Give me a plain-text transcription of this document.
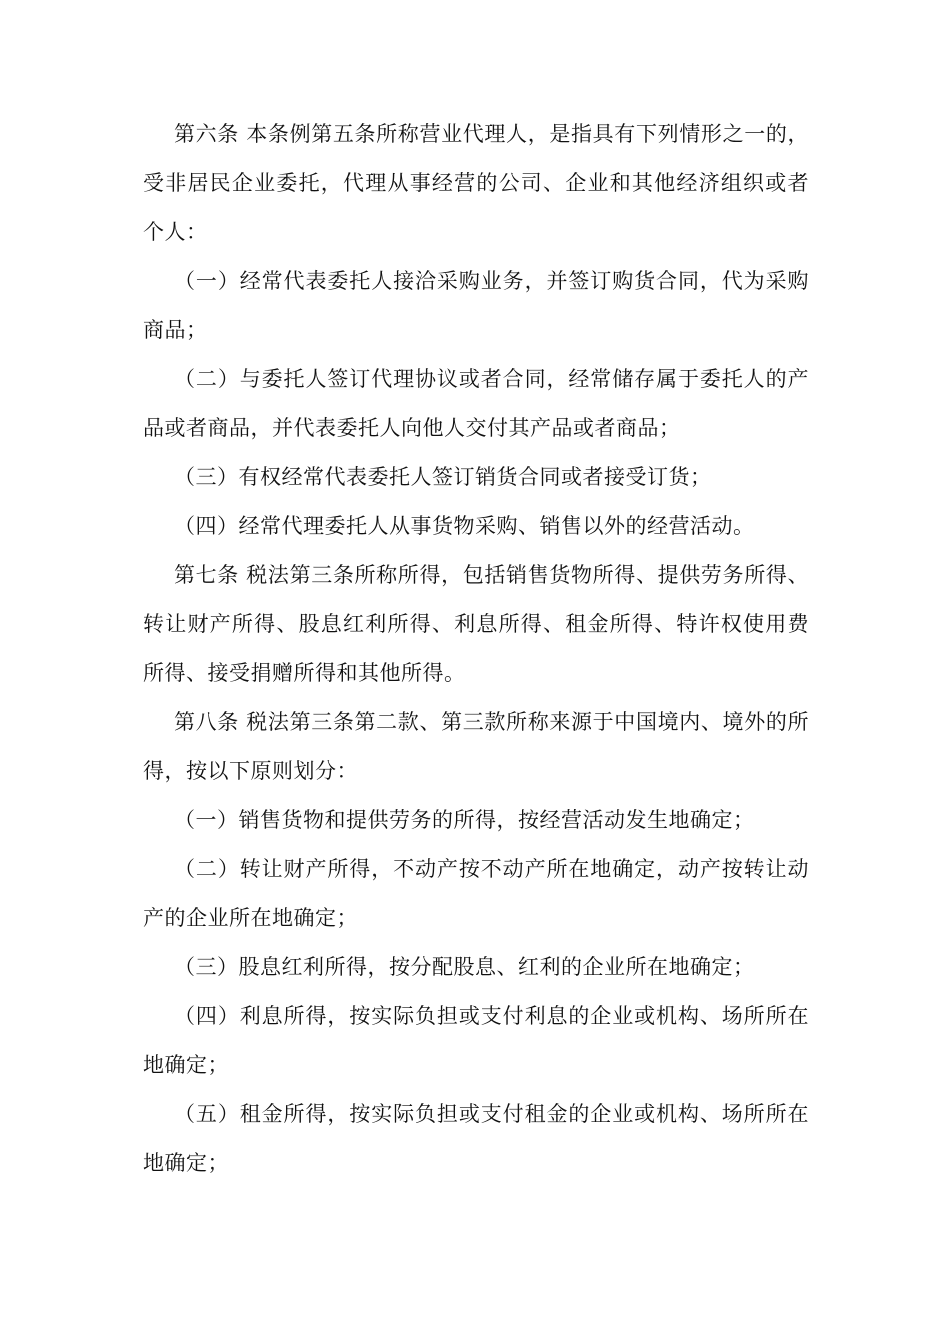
第六条 本条例第五条所称营业代理人，是指具有下列情形之一的，受非居民企业委托，代理从事经营的公司、企业和其他经济组织或者个人：

（一）经常代表委托人接洽采购业务，并签订购货合同，代为采购商品；

（二）与委托人签订代理协议或者合同，经常储存属于委托人的产品或者商品，并代表委托人向他人交付其产品或者商品；

（三）有权经常代表委托人签订销货合同或者接受订货；

（四）经常代理委托人从事货物采购、销售以外的经营活动。

第七条 税法第三条所称所得，包括销售货物所得、提供劳务所得、转让财产所得、股息红利所得、利息所得、租金所得、特许权使用费所得、接受捐赠所得和其他所得。

第八条 税法第三条第二款、第三款所称来源于中国境内、境外的所得，按以下原则划分：

（一）销售货物和提供劳务的所得，按经营活动发生地确定；

（二）转让财产所得，不动产按不动产所在地确定，动产按转让动产的企业所在地确定；

（三）股息红利所得，按分配股息、红利的企业所在地确定；

（四）利息所得，按实际负担或支付利息的企业或机构、场所所在地确定；

（五）租金所得，按实际负担或支付租金的企业或机构、场所所在地确定；
